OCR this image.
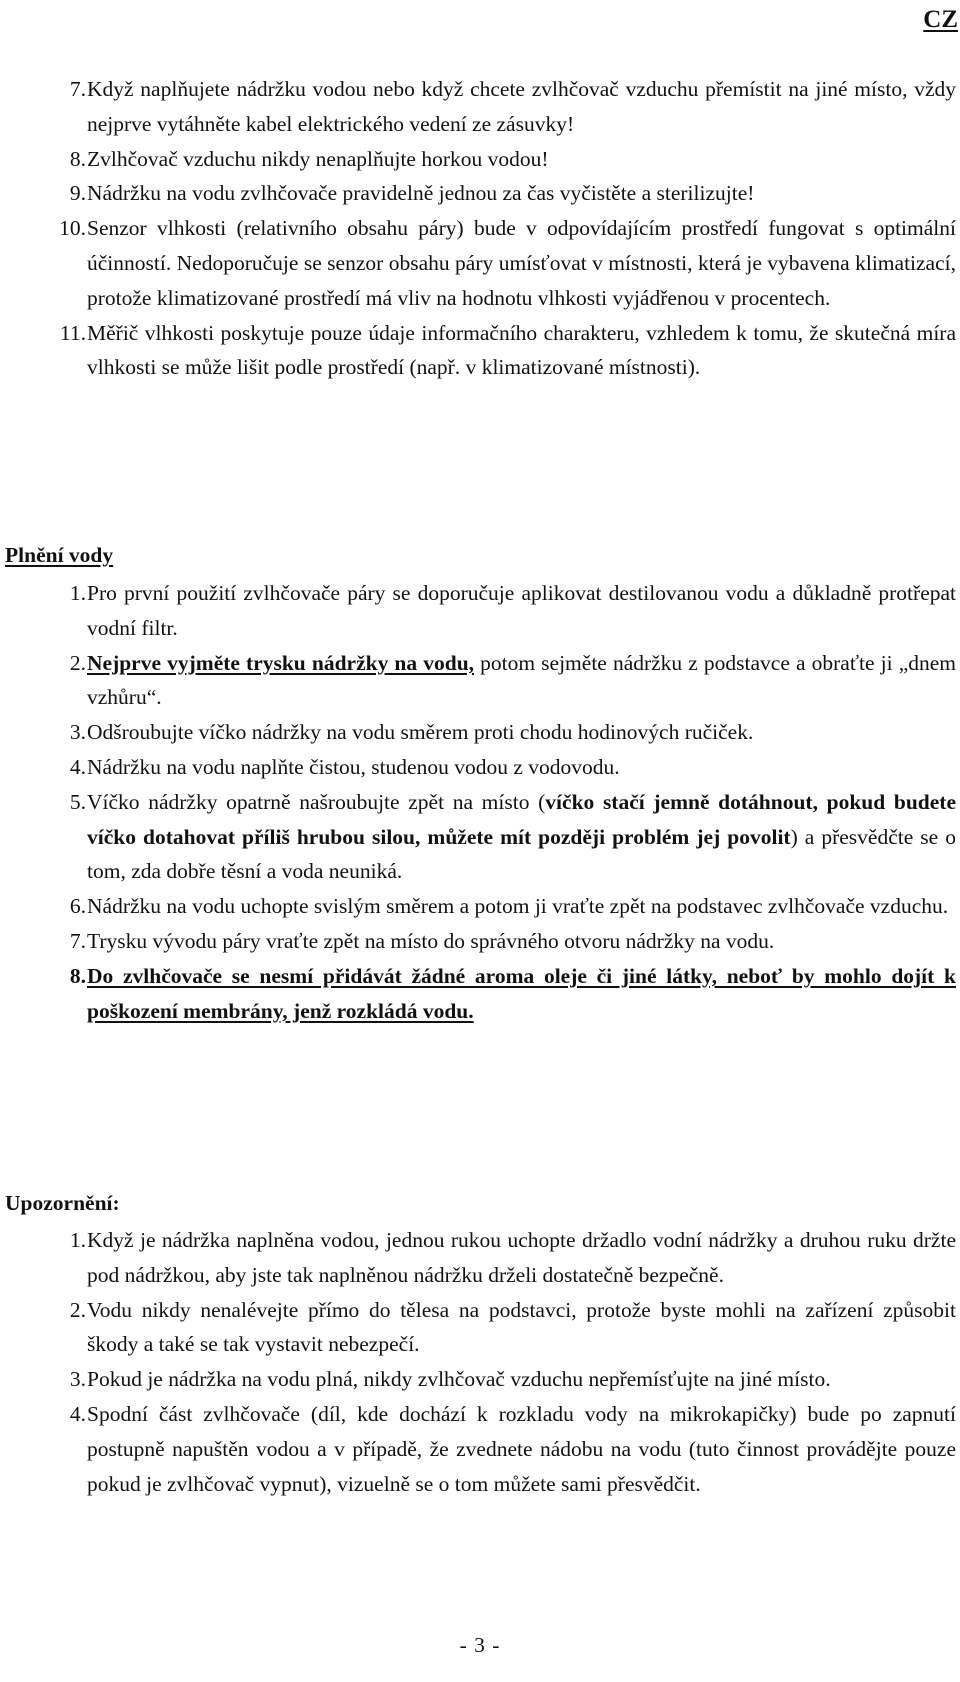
CZ
7. Když naplňujete nádržku vodou nebo když chcete zvlhčovač vzduchu přemístit na jiné místo, vždy nejprve vytáhněte kabel elektrického vedení ze zásuvky!
8. Zvlhčovač vzduchu nikdy nenaplňujte horkou vodou!
9. Nádržku na vodu zvlhčovače pravidelně jednou za čas vyčistěte a sterilizujte!
10. Senzor vlhkosti (relativního obsahu páry) bude v odpovídajícím prostředí fungovat s optimální účinností. Nedoporučuje se senzor obsahu páry umísťovat v místnosti, která je vybavena klimatizací, protože klimatizované prostředí má vliv na hodnotu vlhkosti vyjádřenou v procentech.
11. Měřič vlhkosti poskytuje pouze údaje informačního charakteru, vzhledem k tomu, že skutečná míra vlhkosti se může lišit podle prostředí (např. v klimatizované místnosti).
Plnění vody
1. Pro první použití zvlhčovače páry se doporučuje aplikovat destilovanou vodu a důkladně protřepat vodní filtr.
2. Nejprve vyjměte trysku nádržky na vodu, potom sejměte nádržku z podstavce a obraťte ji „dnem vzhůru“.
3. Odšroubujte víčko nádržky na vodu směrem proti chodu hodinových ručiček.
4. Nádržku na vodu naplňte čistou, studenou vodou z vodovodu.
5. Víčko nádržky opatrně našroubujte zpět na místo (víčko stačí jemně dotáhnout, pokud budete víčko dotahovat příliš hrubou silou, můžete mít později problém jej povolit) a přesvědčte se o tom, zda dobře těsní a voda neuniká.
6. Nádržku na vodu uchopte svislým směrem a potom ji vraťte zpět na podstavec zvlhčovače vzduchu.
7. Trysku vývodu páry vraťte zpět na místo do správného otvoru nádržky na vodu.
8. Do zvlhčovače se nesmí přidávát žádné aroma oleje či jiné látky, neboť by mohlo dojít k poškození membrány, jenž rozkládá vodu.
Upozornění:
1. Když je nádržka naplněna vodou, jednou rukou uchopte držadlo vodní nádržky a druhou ruku držte pod nádržkou, aby jste tak naplněnou nádržku drželi dostatečně bezpečně.
2. Vodu nikdy nenalévejte přímo do tělesa na podstavci, protože byste mohli na zařízení způsobit škody a také se tak vystavit nebezpečí.
3. Pokud je nádržka na vodu plná, nikdy zvlhčovač vzduchu nepřemísťujte na jiné místo.
4. Spodní část zvlhčovače (díl, kde dochází k rozkladu vody na mikrokapičky) bude po zapnutí postupně napuštěn vodou a v případě, že zvednete nádobu na vodu (tuto činnost provádějte pouze pokud je zvlhčovač vypnut), vizuelně se o tom můžete sami přesvědčit.
- 3 -
